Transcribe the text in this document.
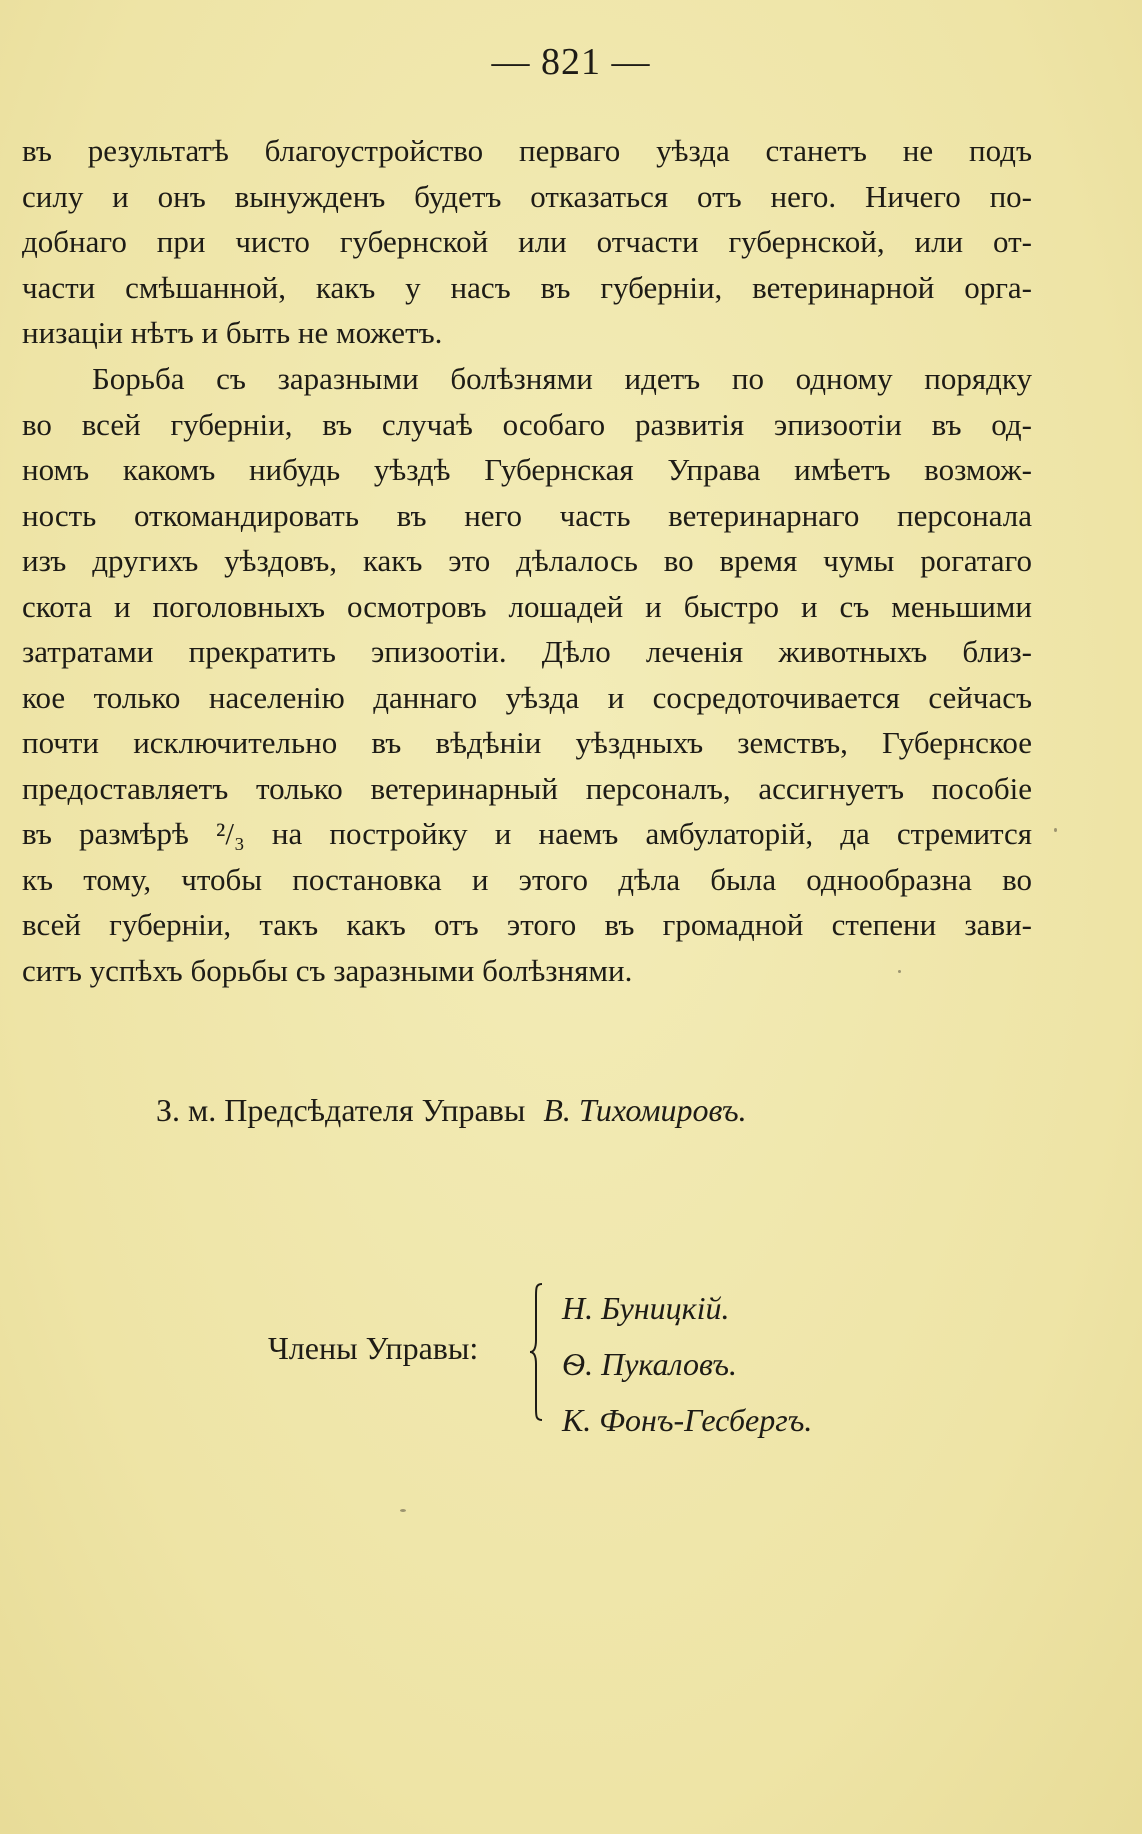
— 821 —
въ результатѣ благоустройство перваго уѣзда станетъ не подъ
силу и онъ вынужденъ будетъ отказаться отъ него. Ничего по-
добнаго при чисто губернской или отчасти губернской, или от-
части смѣшанной, какъ у насъ въ губерніи, ветеринарной орга-
низаціи нѣтъ и быть не можетъ.
Борьба съ заразными болѣзнями идетъ по одному порядку
во всей губерніи, въ случаѣ особаго развитія эпизоотіи въ од-
номъ какомъ нибудь уѣздѣ Губернская Управа имѣетъ возмож-
ность откомандировать въ него часть ветеринарнаго персонала
изъ другихъ уѣздовъ, какъ это дѣлалось во время чумы рогатаго
скота и поголовныхъ осмотровъ лошадей и быстро и съ меньшими
затратами прекратить эпизоотіи. Дѣло леченія животныхъ близ-
кое только населенію даннаго уѣзда и сосредоточивается сейчасъ
почти исключительно въ вѣдѣніи уѣздныхъ земствъ, Губернское
предоставляетъ только ветеринарный персоналъ, ассигнуетъ пособіе
въ размѣрѣ ²/₃ на постройку и наемъ амбулаторій, да стремится
къ тому, чтобы постановка и этого дѣла была однообразна во
всей губерніи, такъ какъ отъ этого въ громадной степени зави-
ситъ успѣхъ борьбы съ заразными болѣзнями.
З. м. Предсѣдателя Управы В. Тихомировъ.
Члены Управы:
Н. Буницкій.
Ѳ. Пукаловъ.
К. Фонъ-Гесбергъ.
